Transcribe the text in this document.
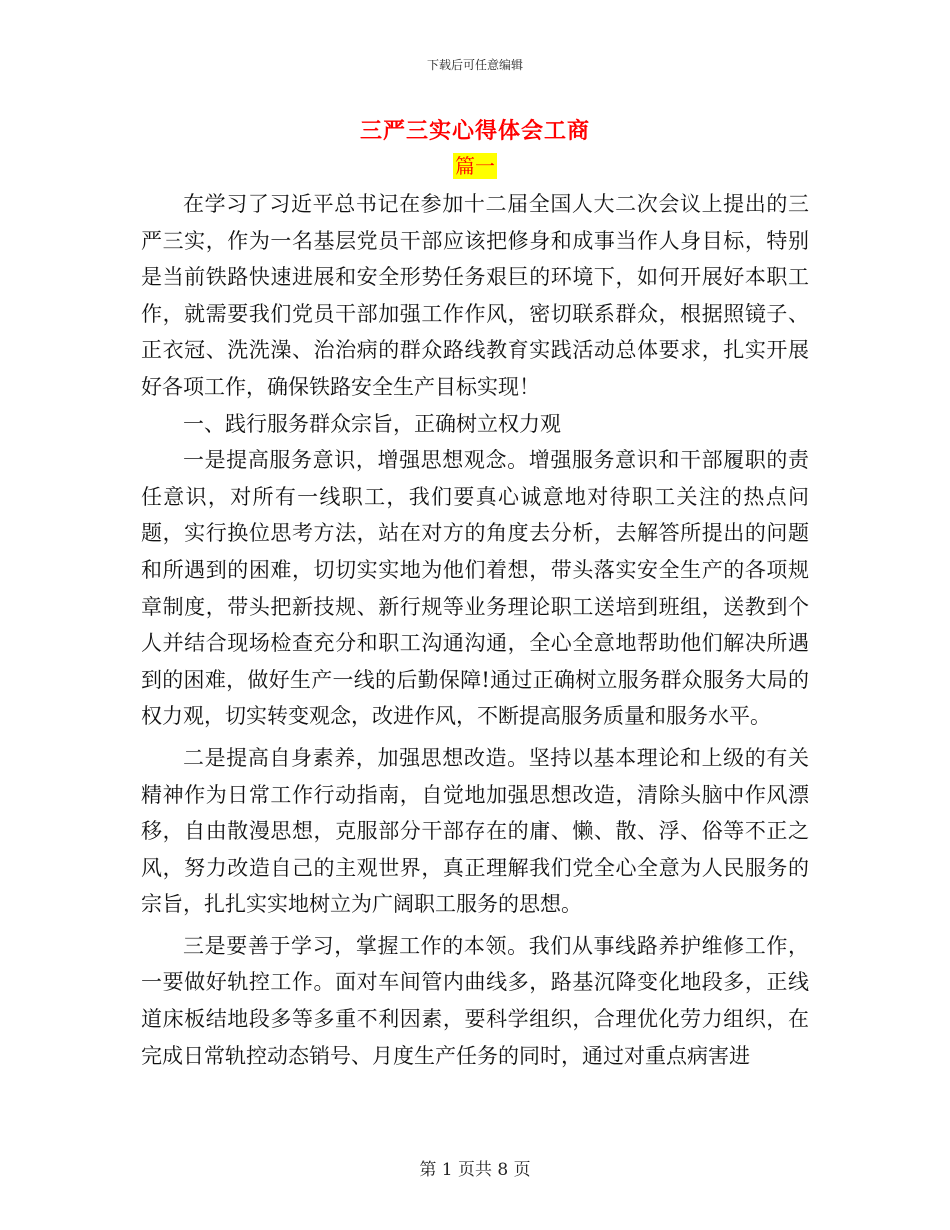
下载后可任意编辑
三严三实心得体会工商
篇一

在学习了习近平总书记在参加十二届全国人大二次会议上提出的三严三实，作为一名基层党员干部应该把修身和成事当作人身目标，特别是当前铁路快速进展和安全形势任务艰巨的环境下，如何开展好本职工作，就需要我们党员干部加强工作作风，密切联系群众，根据照镜子、正衣冠、洗洗澡、治治病的群众路线教育实践活动总体要求，扎实开展好各项工作，确保铁路安全生产目标实现！

一、践行服务群众宗旨，正确树立权力观

一是提高服务意识，增强思想观念。增强服务意识和干部履职的责任意识，对所有一线职工，我们要真心诚意地对待职工关注的热点问题，实行换位思考方法，站在对方的角度去分析，去解答所提出的问题和所遇到的困难，切切实实地为他们着想，带头落实安全生产的各项规章制度，带头把新技规、新行规等业务理论职工送培到班组，送教到个人并结合现场检查充分和职工沟通沟通，全心全意地帮助他们解决所遇到的困难，做好生产一线的后勤保障!通过正确树立服务群众服务大局的权力观，切实转变观念，改进作风，不断提高服务质量和服务水平。

二是提高自身素养，加强思想改造。坚持以基本理论和上级的有关精神作为日常工作行动指南，自觉地加强思想改造，清除头脑中作风漂移，自由散漫思想，克服部分干部存在的庸、懒、散、浮、俗等不正之风，努力改造自己的主观世界，真正理解我们党全心全意为人民服务的宗旨，扎扎实实地树立为广阔职工服务的思想。

三是要善于学习，掌握工作的本领。我们从事线路养护维修工作，一要做好轨控工作。面对车间管内曲线多，路基沉降变化地段多，正线道床板结地段多等多重不利因素，要科学组织，合理优化劳力组织，在完成日常轨控动态销号、月度生产任务的同时，通过对重点病害进

第 1 页共 8 页
